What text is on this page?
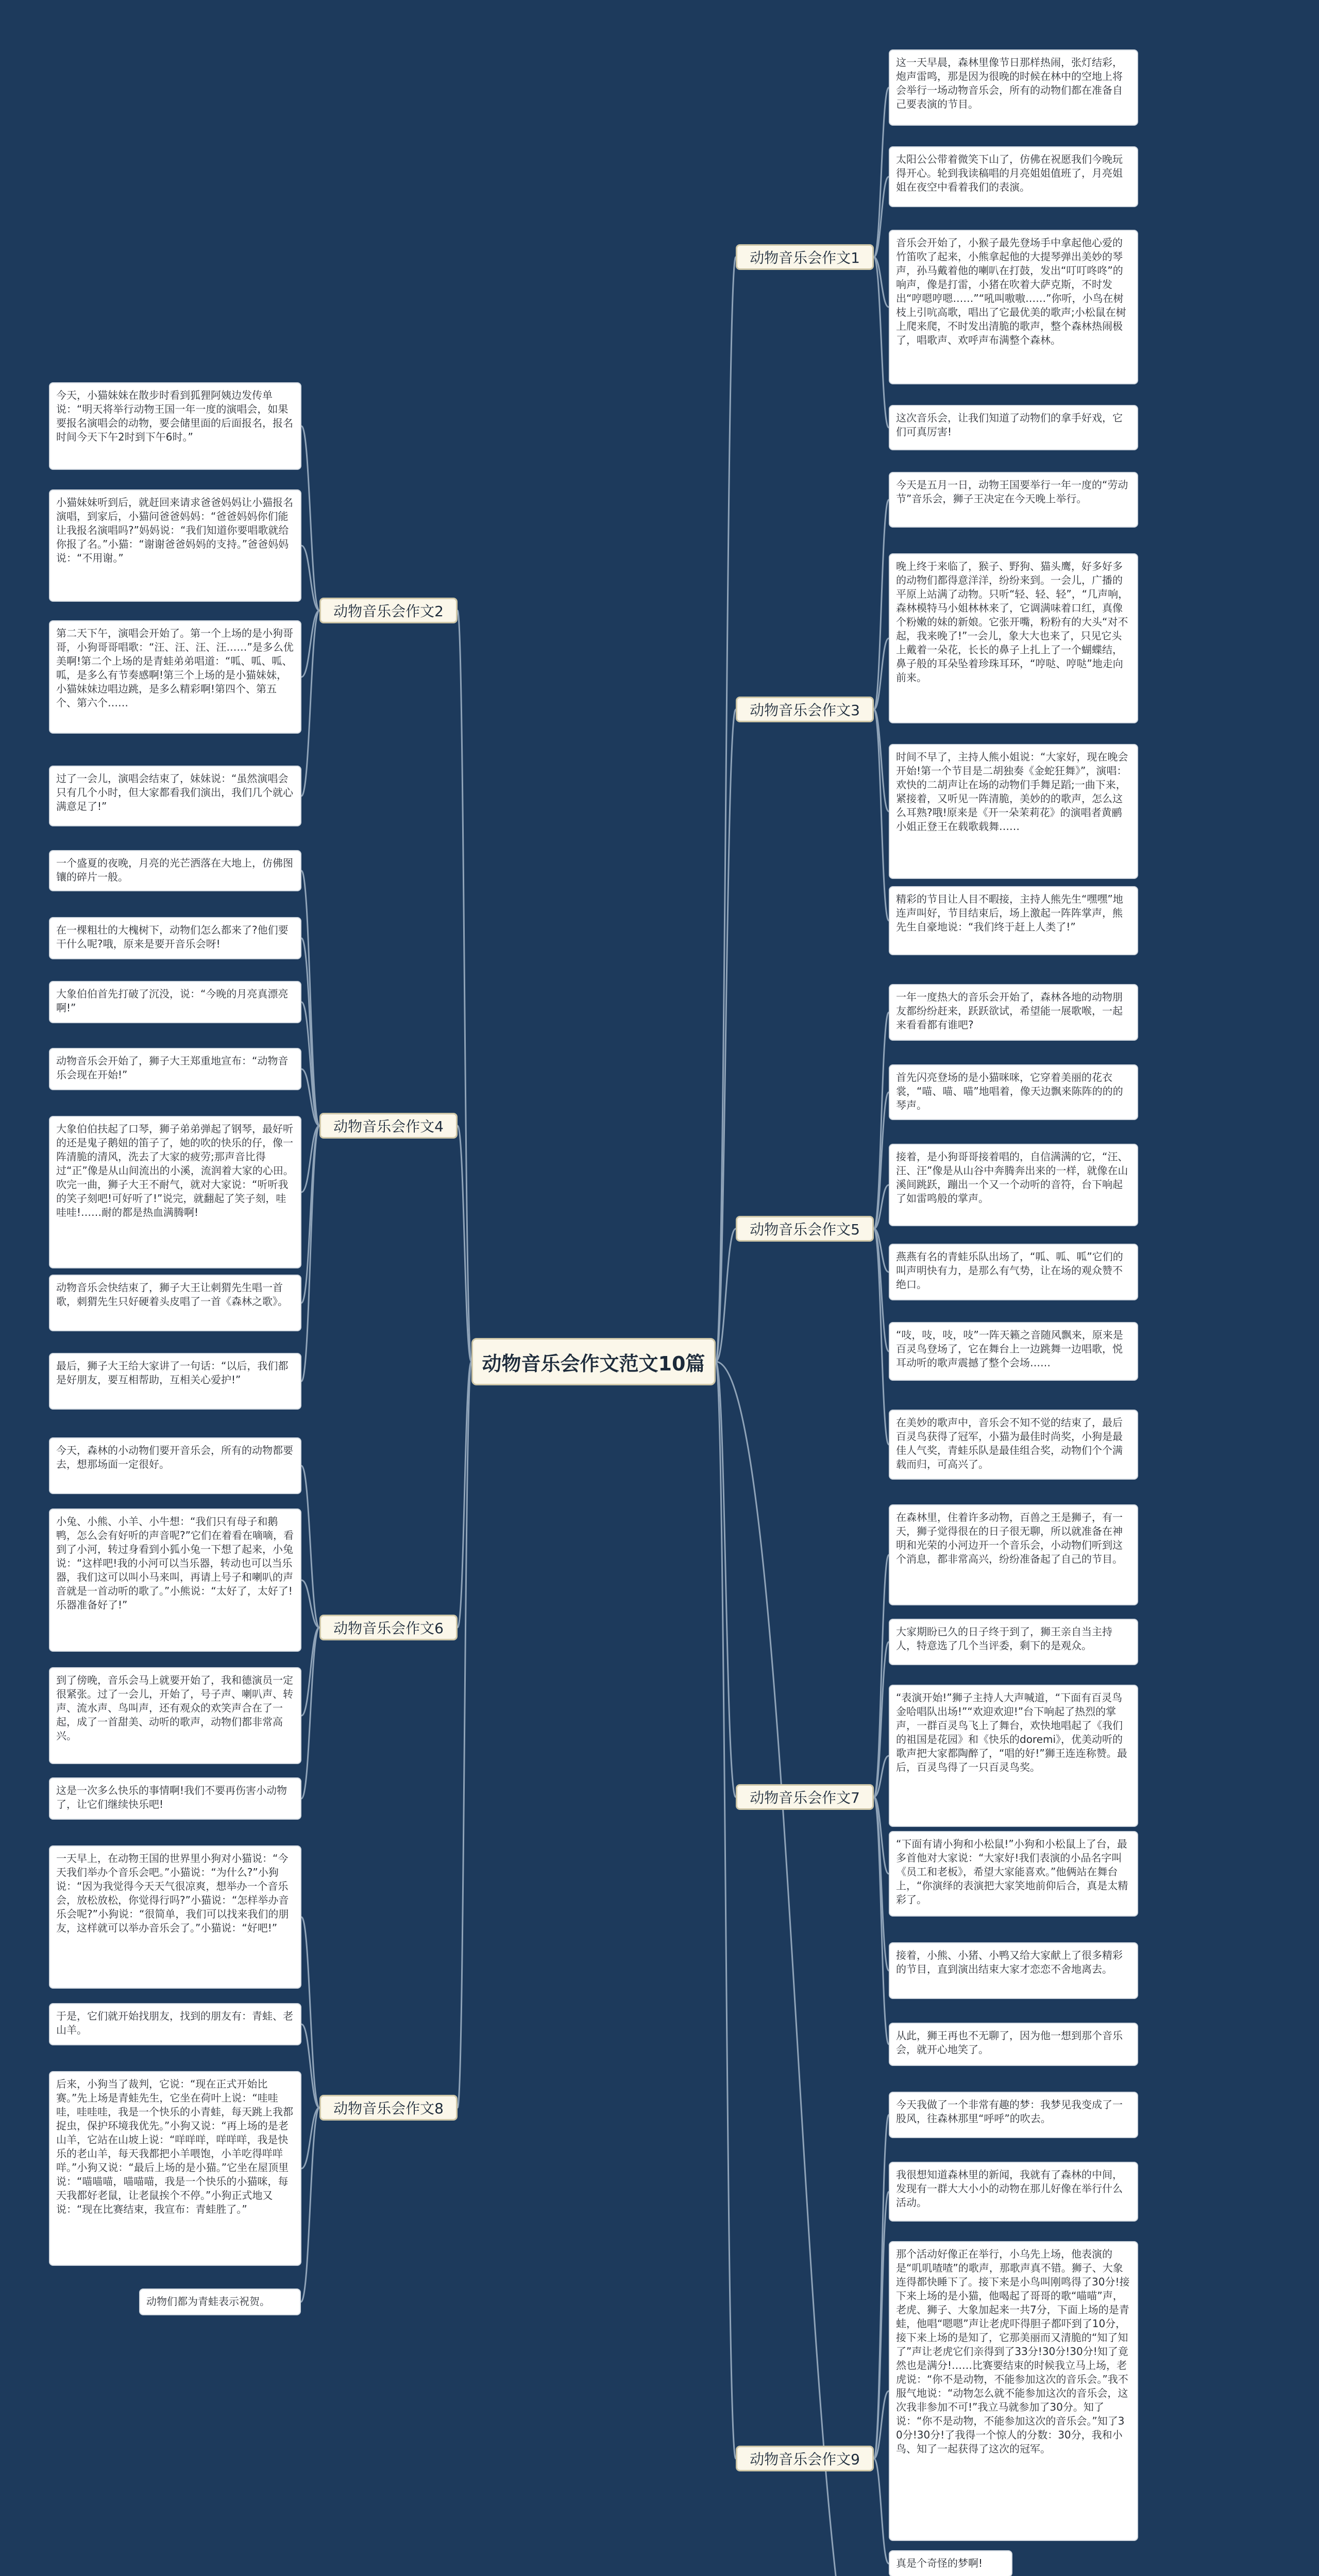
动物音乐会作文范文10篇
动物音乐会作文1
这一天早晨，森林里像节日那样热闹，张灯结彩，炮声雷鸣，那是因为很晚的时候在林中的空地上将会举行一场动物音乐会，所有的动物们都在准备自己要表演的节目。
太阳公公带着微笑下山了，仿佛在祝愿我们今晚玩得开心。轮到我读稿唱的月亮姐姐值班了，月亮姐姐在夜空中看着我们的表演。
音乐会开始了，小猴子最先登场手中拿起他心爱的竹笛吹了起来，小熊拿起他的大提琴弹出美妙的琴声，孙马戴着他的喇叭在打鼓，发出“叮叮咚咚”的响声，像是打雷，小猪在吹着大萨克斯，不时发出“哼嗯哼嗯……”“吼叫嗷嗷……”你听，小鸟在树枝上引吭高歌，唱出了它最优美的歌声;小松鼠在树上爬来爬，不时发出清脆的歌声，整个森林热闹极了，唱歌声、欢呼声布满整个森林。
这次音乐会，让我们知道了动物们的拿手好戏，它们可真厉害!
动物音乐会作文2
今天，小猫妹妹在散步时看到狐狸阿姨边发传单说：“明天将举行动物王国一年一度的演唱会，如果要报名演唱会的动物，要会储里面的后面报名，报名时间今天下午2时到下午6时。”
小猫妹妹听到后，就赶回来请求爸爸妈妈让小猫报名演唱，到家后，小猫问爸爸妈妈：“爸爸妈妈你们能让我报名演唱吗?”妈妈说：“我们知道你要唱歌就给你报了名。”小猫：“谢谢爸爸妈妈的支持。”爸爸妈妈说：“不用谢。”
第二天下午，演唱会开始了。第一个上场的是小狗哥哥，小狗哥哥唱歌：“汪、汪、汪、汪……”是多么优美啊!第二个上场的是青蛙弟弟唱道：“呱、呱、呱、呱，是多么有节奏感啊!第三个上场的是小猫妹妹，小猫妹妹边唱边跳，是多么精彩啊!第四个、第五个、第六个……
过了一会儿，演唱会结束了，妹妹说：“虽然演唱会只有几个小时，但大家都看我们演出，我们几个就心满意足了!”
动物音乐会作文3
今天是五月一日，动物王国要举行一年一度的“劳动节”音乐会，狮子王决定在今天晚上举行。
晚上终于来临了，猴子、野狗、猫头鹰，好多好多的动物们都得意洋洋，纷纷来到。一会儿，广播的平原上站满了动物。只听“轻、轻、轻”，“几声响，森林模特马小姐林林来了，它调满味着口红，真像个粉嫩的妹的新娘。它张开嘴，粉粉有的大头“对不起，我来晚了!”一会儿，象大大也来了，只见它头上戴着一朵花，长长的鼻子上扎上了一个蝴蝶结，鼻子般的耳朵坠着珍珠耳环，“哼哒、哼哒”地走向前来。
时间不早了，主持人熊小姐说：“大家好，现在晚会开始!第一个节目是二胡独奏《金蛇狂舞》”，演唱：欢快的二胡声让在场的动物们手舞足蹈;一曲下来，紧接着，又听见一阵清脆，美妙的的歌声，怎么这么耳熟?哦!原来是《开一朵茉莉花》的演唱者黄鹂小姐正登王在载歌载舞……
精彩的节目让人目不暇接，主持人熊先生“嘿嘿”地连声叫好，节目结束后，场上激起一阵阵掌声，熊先生自豪地说：“我们终于赶上人类了!”
动物音乐会作文4
一个盛夏的夜晚，月亮的光芒洒落在大地上，仿佛图镶的碎片一般。
在一棵粗壮的大槐树下，动物们怎么都来了?他们要干什么呢?哦，原来是要开音乐会呀!
大象伯伯首先打破了沉没，说：“今晚的月亮真漂亮啊!”
动物音乐会开始了，狮子大王郑重地宣布：“动物音乐会现在开始!”
大象伯伯扶起了口琴，狮子弟弟弹起了钢琴，最好听的还是鬼子鹅妞的笛子了，她的吹的快乐的仔，像一阵清脆的清风，洗去了大家的疲劳;那声音比得过“正”像是从山间流出的小溪，流润着大家的心田。吹完一曲，狮子大王不耐气，就对大家说：“听听我的笑子刻吧!可好听了!”说完，就翻起了笑子刻，哇哇哇!……耐的都是热血满腾啊!
动物音乐会快结束了，狮子大王让刺猬先生唱一首歌，刺猬先生只好硬着头皮唱了一首《森林之歌》。
最后，狮子大王给大家讲了一句话：“以后，我们都是好朋友，要互相帮助，互相关心爱护!”
动物音乐会作文5
一年一度热大的音乐会开始了，森林各地的动物朋友都纷纷赶来，跃跃欲试，希望能一展歌喉，一起来看看都有谁吧?
首先闪亮登场的是小猫咪咪，它穿着美丽的花衣裳，“喵、喵、喵”地唱着，像天边飘来陈阵的的的琴声。
接着，是小狗哥哥接着唱的，自信满满的它，“汪、汪、汪”像是从山谷中奔腾奔出来的一样，就像在山溪间跳跃，蹦出一个又一个动听的音符，台下响起了如雷鸣般的掌声。
燕燕有名的青蛙乐队出场了，“呱、呱、呱”它们的叫声明快有力，是那么有气势，让在场的观众赞不绝口。
“吱，吱，吱，吱”一阵天籁之音随风飘来，原来是百灵鸟登场了，它在舞台上一边跳舞一边唱歌，悦耳动听的歌声震撼了整个会场……
在美妙的歌声中，音乐会不知不觉的结束了，最后百灵鸟获得了冠军，小猫为最佳时尚奖，小狗是最佳人气奖，青蛙乐队是最佳组合奖，动物们个个满载而归，可高兴了。
动物音乐会作文6
今天，森林的小动物们要开音乐会，所有的动物都要去，想那场面一定很好。
小兔、小熊、小羊、小牛想：“我们只有母子和鹅鸭，怎么会有好听的声音呢?”它们在着看在嘀嘀，看到了小河，转过身看到小狐小兔一下想了起来，小兔说：“这样吧!我的小河可以当乐器，转动也可以当乐器，我们这可以叫小马来叫，再请上号子和喇叭的声音就是一首动听的歌了。”小熊说：“太好了，太好了!乐器准备好了!”
到了傍晚，音乐会马上就要开始了，我和德演员一定很紧张。过了一会儿，开始了，号子声、喇叭声、转声、流水声、鸟叫声，还有观众的欢笑声合在了一起，成了一首甜美、动听的歌声，动物们都非常高兴。
这是一次多么快乐的事情啊!我们不要再伤害小动物了，让它们继续快乐吧!	动物音乐会作文7
在森林里，住着许多动物，百兽之王是狮子，有一天，狮子觉得很在的日子很无聊，所以就准备在神明和光荣的小河边开一个音乐会，小动物们听到这个消息，都非常高兴，纷纷准备起了自己的节目。
大家期盼已久的日子终于到了，狮王亲自当主持人，特意选了几个当评委，剩下的是观众。
“表演开始!”狮子主持人大声喊道，“下面有百灵鸟金哈唱队出场!”“欢迎欢迎!”台下响起了热烈的掌声，一群百灵鸟飞上了舞台，欢快地唱起了《我们的祖国是花园》和《快乐的doremi》，优美动听的歌声把大家都陶醉了，“唱的好!”狮王连连称赞。最后，百灵鸟得了一只百灵鸟奖。
“下面有请小狗和小松鼠!”小狗和小松鼠上了台，最多首他对大家说：“大家好!我们表演的小品名字叫《员工和老板》，希望大家能喜欢。”他俩站在舞台上，“你演绎的表演把大家笑地前仰后合，真是太精彩了。
接着，小熊、小猪、小鸭又给大家献上了很多精彩的节目，直到演出结束大家才恋恋不舍地离去。
从此，狮王再也不无聊了，因为他一想到那个音乐会，就开心地笑了。
动物音乐会作文8
一天早上，在动物王国的世界里小狗对小猫说：“今天我们举办个音乐会吧。”小猫说：“为什么?”小狗说：“因为我觉得今天天气很凉爽，想举办一个音乐会，放松放松，你觉得行吗?”小猫说：“怎样举办音乐会呢?”小狗说：“很简单，我们可以找来我们的朋友，这样就可以举办音乐会了。”小猫说：“好吧!”
于是，它们就开始找朋友，找到的朋友有：青蛙、老山羊。
后来，小狗当了裁判，它说：“现在正式开始比赛。”先上场是青蛙先生，它坐在荷叶上说：“哇哇哇，哇哇哇，我是一个快乐的小青蛙，每天跳上我都捉虫，保护环境我优先。”小狗又说：“再上场的是老山羊，它站在山坡上说：“咩咩咩，咩咩咩，我是快乐的老山羊，每天我都把小羊喂饱，小羊吃得咩咩咩。”小狗又说：“最后上场的是小猫。”它坐在屋顶里说：“喵喵喵，喵喵喵，我是一个快乐的小猫咪，每天我都好老鼠，让老鼠挨个不停。”小狗正式地又说：“现在比赛结束，我宣布：青蛙胜了。”
动物们都为青蛙表示祝贺。
动物音乐会作文9
今天我做了一个非常有趣的梦：我梦见我变成了一股风，往森林那里“呼呼”的吹去。
我很想知道森林里的新闻，我就有了森林的中间，发现有一群大大小小的动物在那儿好像在举行什么活动。
那个活动好像正在举行，小乌先上场，他表演的是“叽叽喳喳”的歌声，那歌声真不错。狮子、大象连得都快睡下了。接下来是小鸟叫刚鸣得了30分!接下来上场的是小猫，他喝起了哥哥的歌“喵喵”声，老虎、狮子、大象加起来一共7分，下面上场的是青蛙，他唱“嗯嗯”声让老虎吓得胆子都吓到了10分，接下来上场的是知了，它那美丽而又清脆的“知了知了”声让老虎它们亲得到了33分!30分!30分!知了竟然也是满分!……比赛要结束的时候我立马上场，老虎说：“你不是动物，不能参加这次的音乐会。”我不服气地说：“动物怎么就不能参加这次的音乐会，这次我非参加不可!”我立马就参加了30分。知了说：“你不是动物，不能参加这次的音乐会。”知了30分!30分!了我得一个惊人的分数：30分，我和小鸟、知了一起获得了这次的冠军。
真是个奇怪的梦啊!
